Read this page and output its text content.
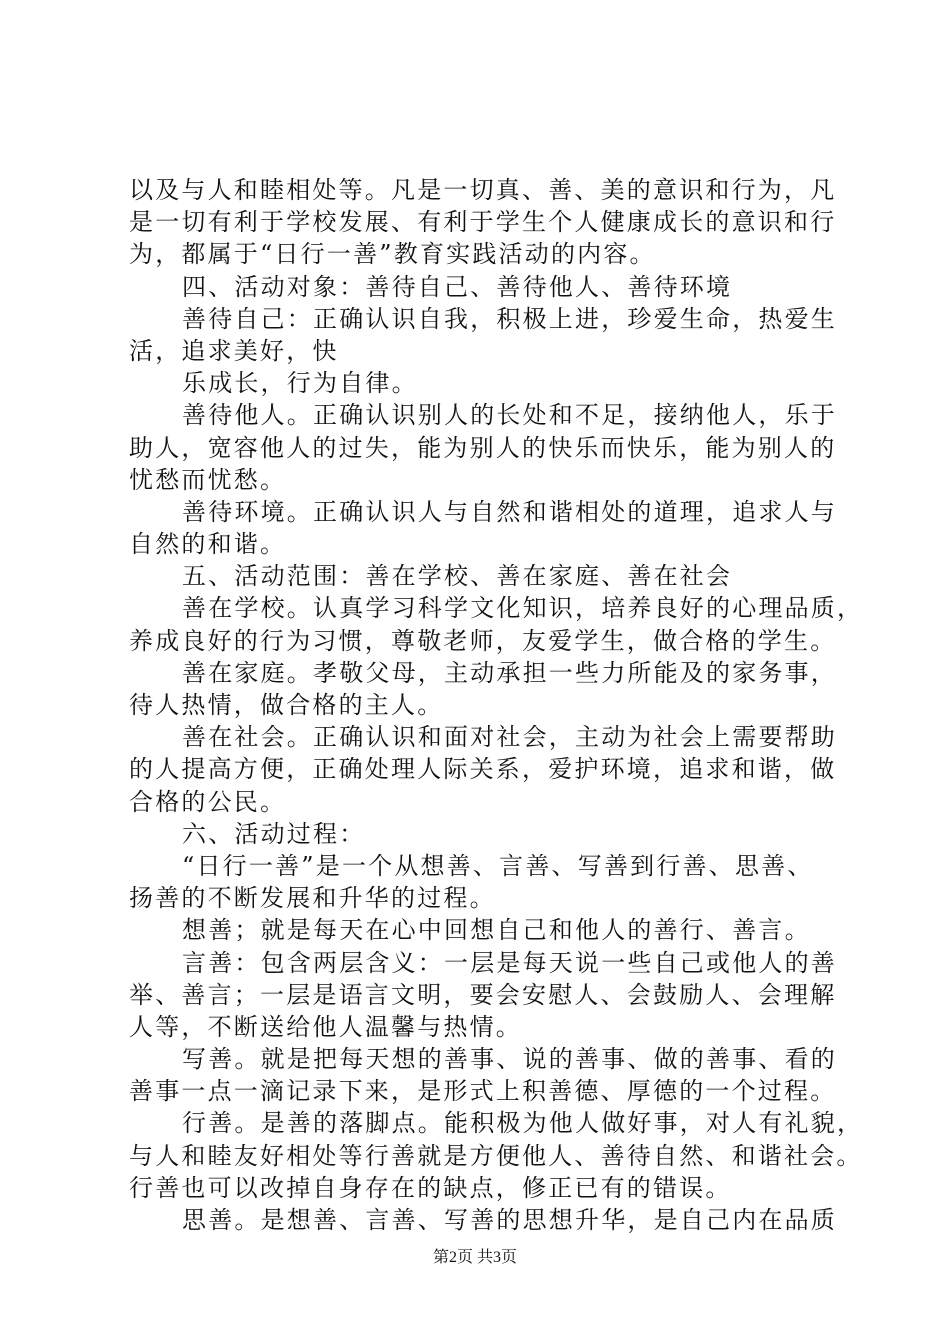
以及与人和睦相处等。凡是一切真、善、美的意识和行为，凡
是一切有利于学校发展、有利于学生个人健康成长的意识和行
为，都属于“日行一善”教育实践活动的内容。
四、活动对象：善待自己、善待他人、善待环境
善待自己：正确认识自我，积极上进，珍爱生命，热爱生
活，追求美好，快
乐成长，行为自律。
善待他人。正确认识别人的长处和不足，接纳他人，乐于
助人，宽容他人的过失，能为别人的快乐而快乐，能为别人的
忧愁而忧愁。
善待环境。正确认识人与自然和谐相处的道理，追求人与
自然的和谐。
五、活动范围：善在学校、善在家庭、善在社会
善在学校。认真学习科学文化知识，培养良好的心理品质，
养成良好的行为习惯，尊敬老师，友爱学生，做合格的学生。
善在家庭。孝敬父母，主动承担一些力所能及的家务事，
待人热情，做合格的主人。
善在社会。正确认识和面对社会，主动为社会上需要帮助
的人提高方便，正确处理人际关系，爱护环境，追求和谐，做
合格的公民。
六、活动过程：
“日行一善”是一个从想善、言善、写善到行善、思善、
扬善的不断发展和升华的过程。
想善；就是每天在心中回想自己和他人的善行、善言。
言善：包含两层含义：一层是每天说一些自己或他人的善
举、善言；一层是语言文明，要会安慰人、会鼓励人、会理解
人等，不断送给他人温馨与热情。
写善。就是把每天想的善事、说的善事、做的善事、看的
善事一点一滴记录下来，是形式上积善德、厚德的一个过程。
行善。是善的落脚点。能积极为他人做好事，对人有礼貌，
与人和睦友好相处等行善就是方便他人、善待自然、和谐社会。
行善也可以改掉自身存在的缺点，修正已有的错误。
思善。是想善、言善、写善的思想升华，是自己内在品质
第2页 共3页
